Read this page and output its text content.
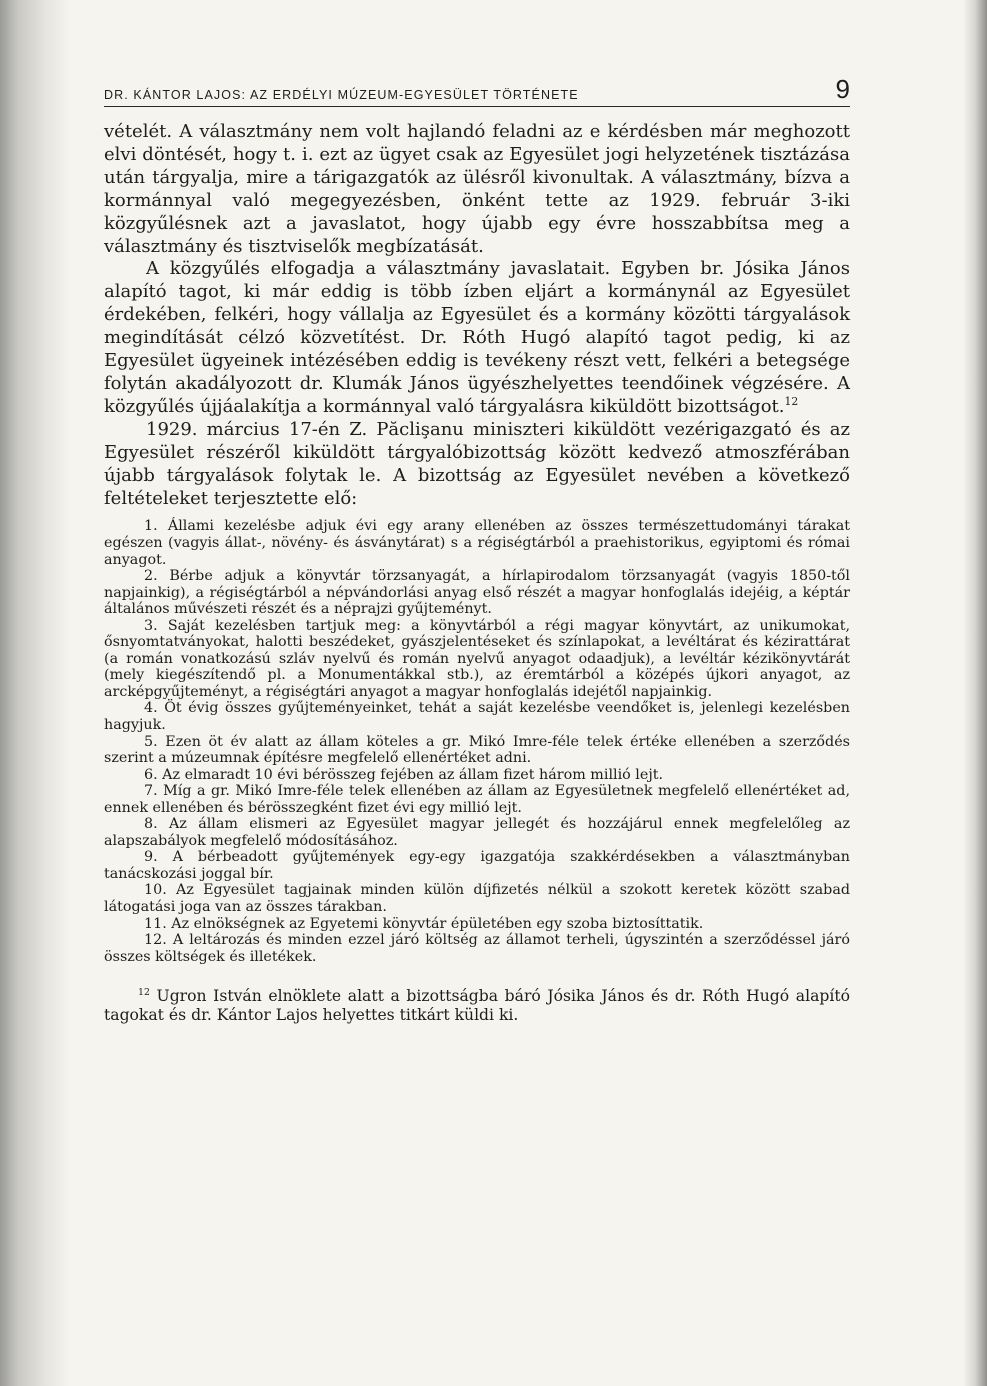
DR. KÁNTOR LAJOS: AZ ERDÉLYI MÚZEUM-EGYESÜLET TÖRTÉNETE	9

vételét. A választmány nem volt hajlandó feladni az e kérdésben már meghozott elvi döntését, hogy t. i. ezt az ügyet csak az Egyesület jogi helyzetének tisztázása után tárgyalja, mire a tárigazgatók az ülésről kivonultak. A választmány, bízva a kormánnyal való megegyezésben, önként tette az 1929. február 3-iki közgyűlésnek azt a javaslatot, hogy újabb egy évre hosszabbítsa meg a választmány és tisztviselők megbízatását.

A közgyűlés elfogadja a választmány javaslatait. Egyben br. Jósika János alapító tagot, ki már eddig is több ízben eljárt a kormánynál az Egyesület érdekében, felkéri, hogy vállalja az Egyesület és a kormány közötti tárgyalások megindítását célzó közvetítést. Dr. Róth Hugó alapító tagot pedig, ki az Egyesület ügyeinek intézésében eddig is tevékeny részt vett, felkéri a betegsége folytán akadályozott dr. Klumák János ügyészhelyettes teendőinek végzésére. A közgyűlés újjáalakítja a kormánnyal való tárgyalásra kiküldött bizottságot.$^{12}$

1929. március 17-én Z. Păclişanu miniszteri kiküldött vezérigazgató és az Egyesület részéről kiküldött tárgyalóbizottság között kedvező atmoszférában újabb tárgyalások folytak le. A bizottság az Egyesület nevében a következő feltételeket terjesztette elő:

1. Állami kezelésbe adjuk évi egy arany ellenében az összes természettudományi tárakat egészen (vagyis állat-, növény- és ásványtárat) s a régiségtárból a praehistorikus, egyiptomi és római anyagot.

2. Bérbe adjuk a könyvtár törzsanyagát, a hírlapirodalom törzsanyagát (vagyis 1850-től napjainkig), a régiségtárból a népvándorlási anyag első részét a magyar honfoglalás idejéig, a képtár általános művészeti részét és a néprajzi gyűjteményt.

3. Saját kezelésben tartjuk meg: a könyvtárból a régi magyar könyvtárt, az unikumokat, ősnyomtatványokat, halotti beszédeket, gyászjelentéseket és színlapokat, a levéltárat és kézirattárat (a román vonatkozású szláv nyelvű és román nyelvű anyagot odaadjuk), a levéltár kézikönyvtárát (mely kiegészítendő pl. a Monumentákkal stb.), az éremtárból a középés újkori anyagot, az arcképgyűjteményt, a régiségtári anyagot a magyar honfoglalás idejétől napjainkig.

4. Öt évig összes gyűjteményeinket, tehát a saját kezelésbe veendőket is, jelenlegi kezelésben hagyjuk.

5. Ezen öt év alatt az állam köteles a gr. Mikó Imre-féle telek értéke ellenében a szerződés szerint a múzeumnak építésre megfelelő ellenértéket adni.

6. Az elmaradt 10 évi bérösszeg fejében az állam fizet három millió lejt.

7. Míg a gr. Mikó Imre-féle telek ellenében az állam az Egyesületnek megfelelő ellenértéket ad, ennek ellenében és bérösszegként fizet évi egy millió lejt.

8. Az állam elismeri az Egyesület magyar jellegét és hozzájárul ennek megfelelőleg az alapszabályok megfelelő módosításához.

9. A bérbeadott gyűjtemények egy-egy igazgatója szakkérdésekben a választmányban tanácskozási joggal bír.

10. Az Egyesület tagjainak minden külön díjfizetés nélkül a szokott keretek között szabad látogatási joga van az összes tárakban.

11. Az elnökségnek az Egyetemi könyvtár épületében egy szoba biztosíttatik.

12. A leltározás és minden ezzel járó költség az államot terheli, úgyszintén a szerződéssel járó összes költségek és illetékek.

$^{12}$ Ugron István elnöklete alatt a bizottságba báró Jósika János és dr. Róth Hugó alapító tagokat és dr. Kántor Lajos helyettes titkárt küldi ki.
